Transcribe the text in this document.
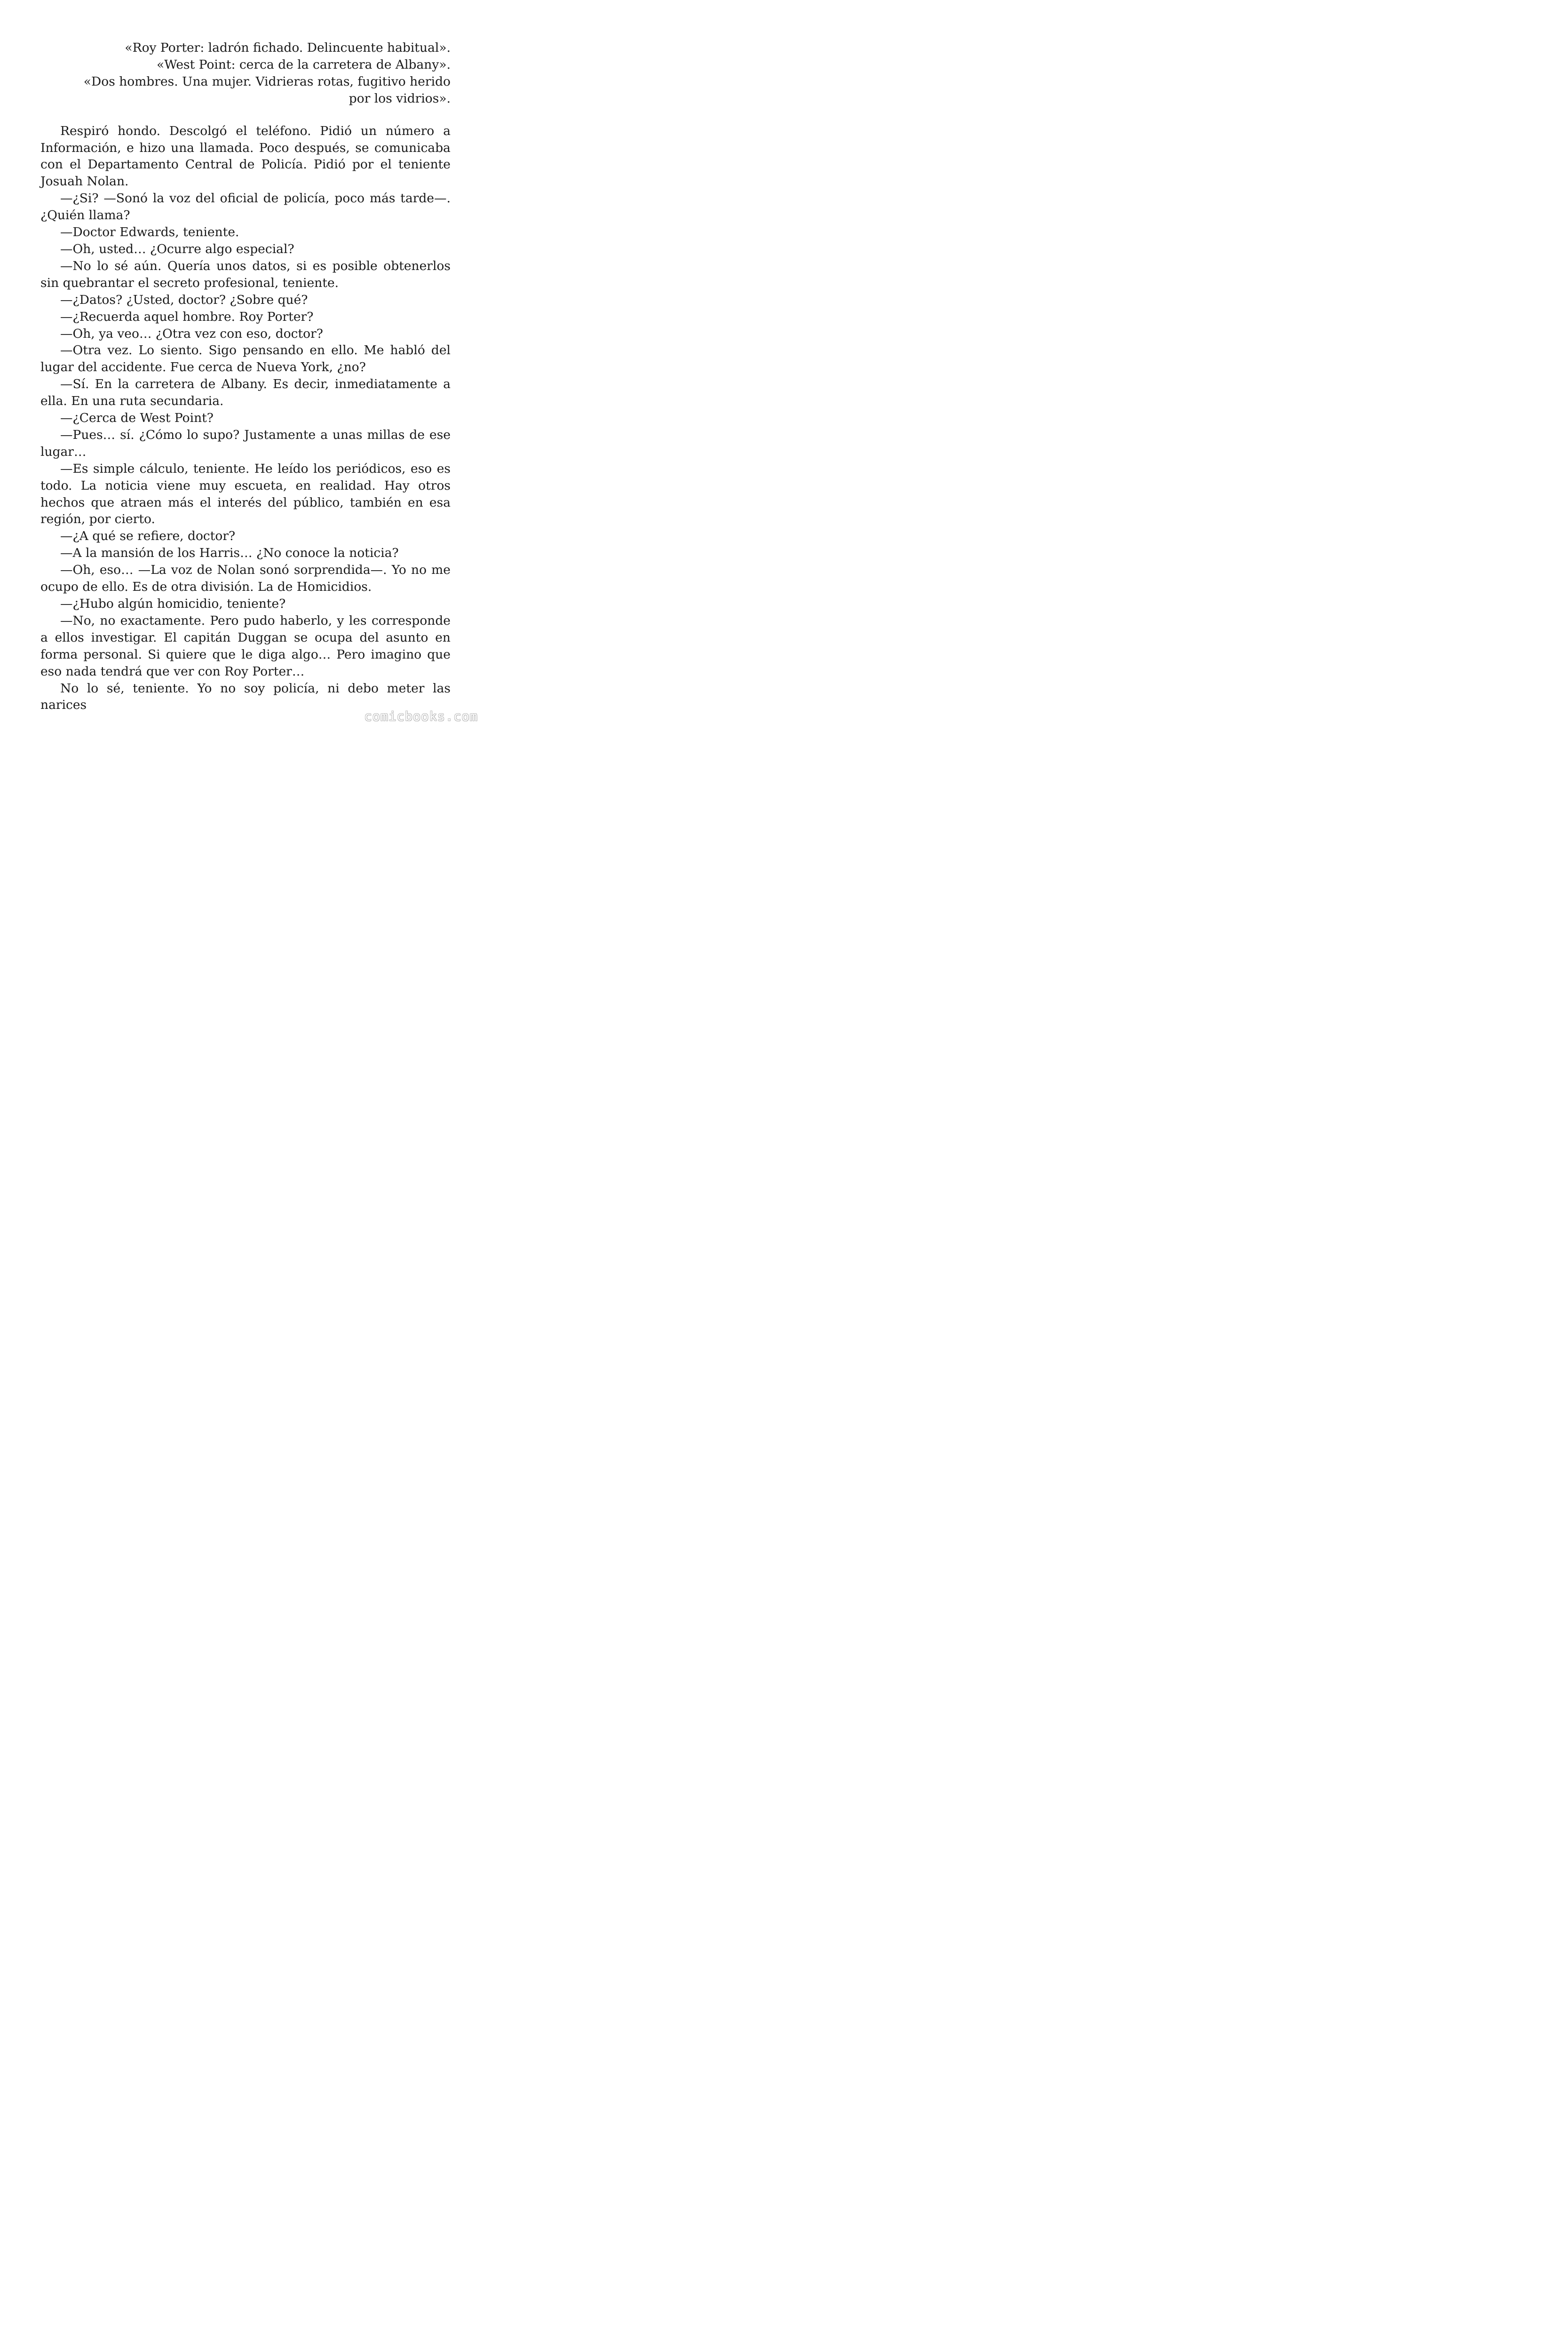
«Roy Porter: ladrón fichado. Delincuente habitual».

«West Point: cerca de la carretera de Albany».

«Dos hombres. Una mujer. Vidrieras rotas, fugitivo herido por los vidrios».

Respiró hondo. Descolgó el teléfono. Pidió un número a Información, e hizo una llamada. Poco después, se comunicaba con el Departamento Central de Policía. Pidió por el teniente Josuah Nolan.

—¿Si? —Sonó la voz del oficial de policía, poco más tarde—. ¿Quién llama?

—Doctor Edwards, teniente.

—Oh, usted… ¿Ocurre algo especial?

—No lo sé aún. Quería unos datos, si es posible obtenerlos sin quebrantar el secreto profesional, teniente.

—¿Datos? ¿Usted, doctor? ¿Sobre qué?

—¿Recuerda aquel hombre. Roy Porter?

—Oh, ya veo… ¿Otra vez con eso, doctor?

—Otra vez. Lo siento. Sigo pensando en ello. Me habló del lugar del accidente. Fue cerca de Nueva York, ¿no?

—Sí. En la carretera de Albany. Es decir, inmediatamente a ella. En una ruta secundaria.

—¿Cerca de West Point?

—Pues… sí. ¿Cómo lo supo? Justamente a unas millas de ese lugar…

—Es simple cálculo, teniente. He leído los periódicos, eso es todo. La noticia viene muy escueta, en realidad. Hay otros hechos que atraen más el interés del público, también en esa región, por cierto.

—¿A qué se refiere, doctor?

—A la mansión de los Harris… ¿No conoce la noticia?

—Oh, eso… —La voz de Nolan sonó sorprendida—. Yo no me ocupo de ello. Es de otra división. La de Homicidios.

—¿Hubo algún homicidio, teniente?

—No, no exactamente. Pero pudo haberlo, y les corresponde a ellos investigar. El capitán Duggan se ocupa del asunto en forma personal. Si quiere que le diga algo… Pero imagino que eso nada tendrá que ver con Roy Porter…

No lo sé, teniente. Yo no soy policía, ni debo meter las narices

comicbooks.com
